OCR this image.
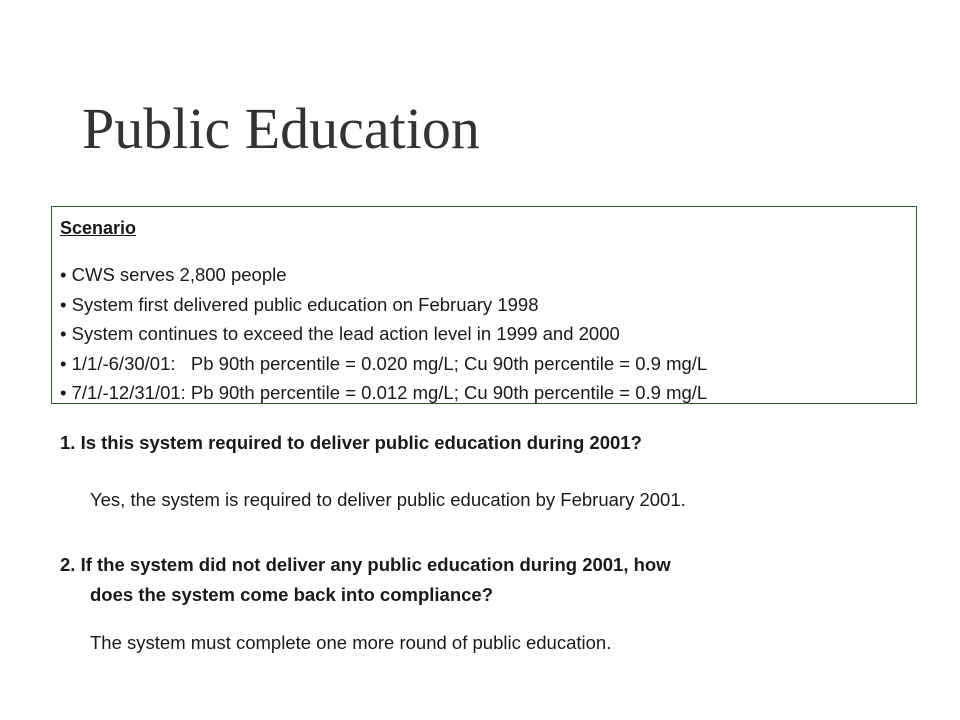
Public Education
Scenario
• CWS serves 2,800 people
• System first delivered public education on February 1998
• System continues to exceed the lead action level in 1999 and 2000
• 1/1/-6/30/01:   Pb 90th percentile = 0.020 mg/L; Cu 90th percentile = 0.9 mg/L
• 7/1/-12/31/01: Pb 90th percentile = 0.012 mg/L; Cu 90th percentile = 0.9 mg/L
1. Is this system required to deliver public education during 2001?
Yes, the system is required to deliver public education by February 2001.
2. If the system did not deliver any public education during 2001, how
does the system come back into compliance?
The system must complete one more round of public education.
